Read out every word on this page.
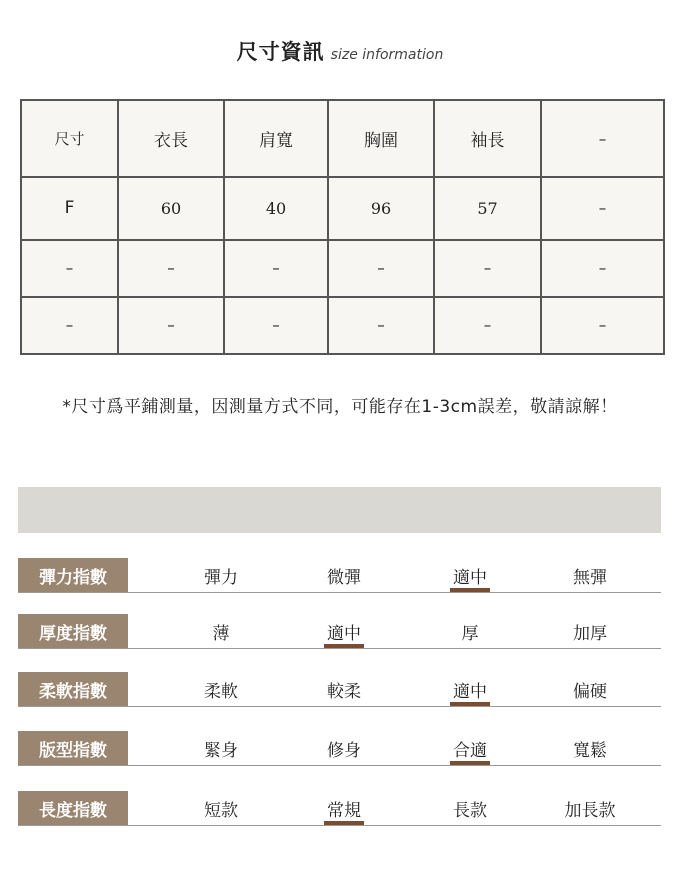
尺寸資訊 size information
尺寸	衣長	肩寬	胸圍	袖長	–
F	60	40	96	57	–
–	–	–	–	–	–
–	–	–	–	–	–
*尺寸爲平鋪測量，因測量方式不同，可能存在1-3cm誤差，敬請諒解！
彈力指數	彈力	微彈	適中	無彈
厚度指數	薄	適中	厚	加厚
柔軟指數	柔軟	較柔	適中	偏硬
版型指數	緊身	修身	合適	寬鬆
長度指數	短款	常規	長款	加長款
